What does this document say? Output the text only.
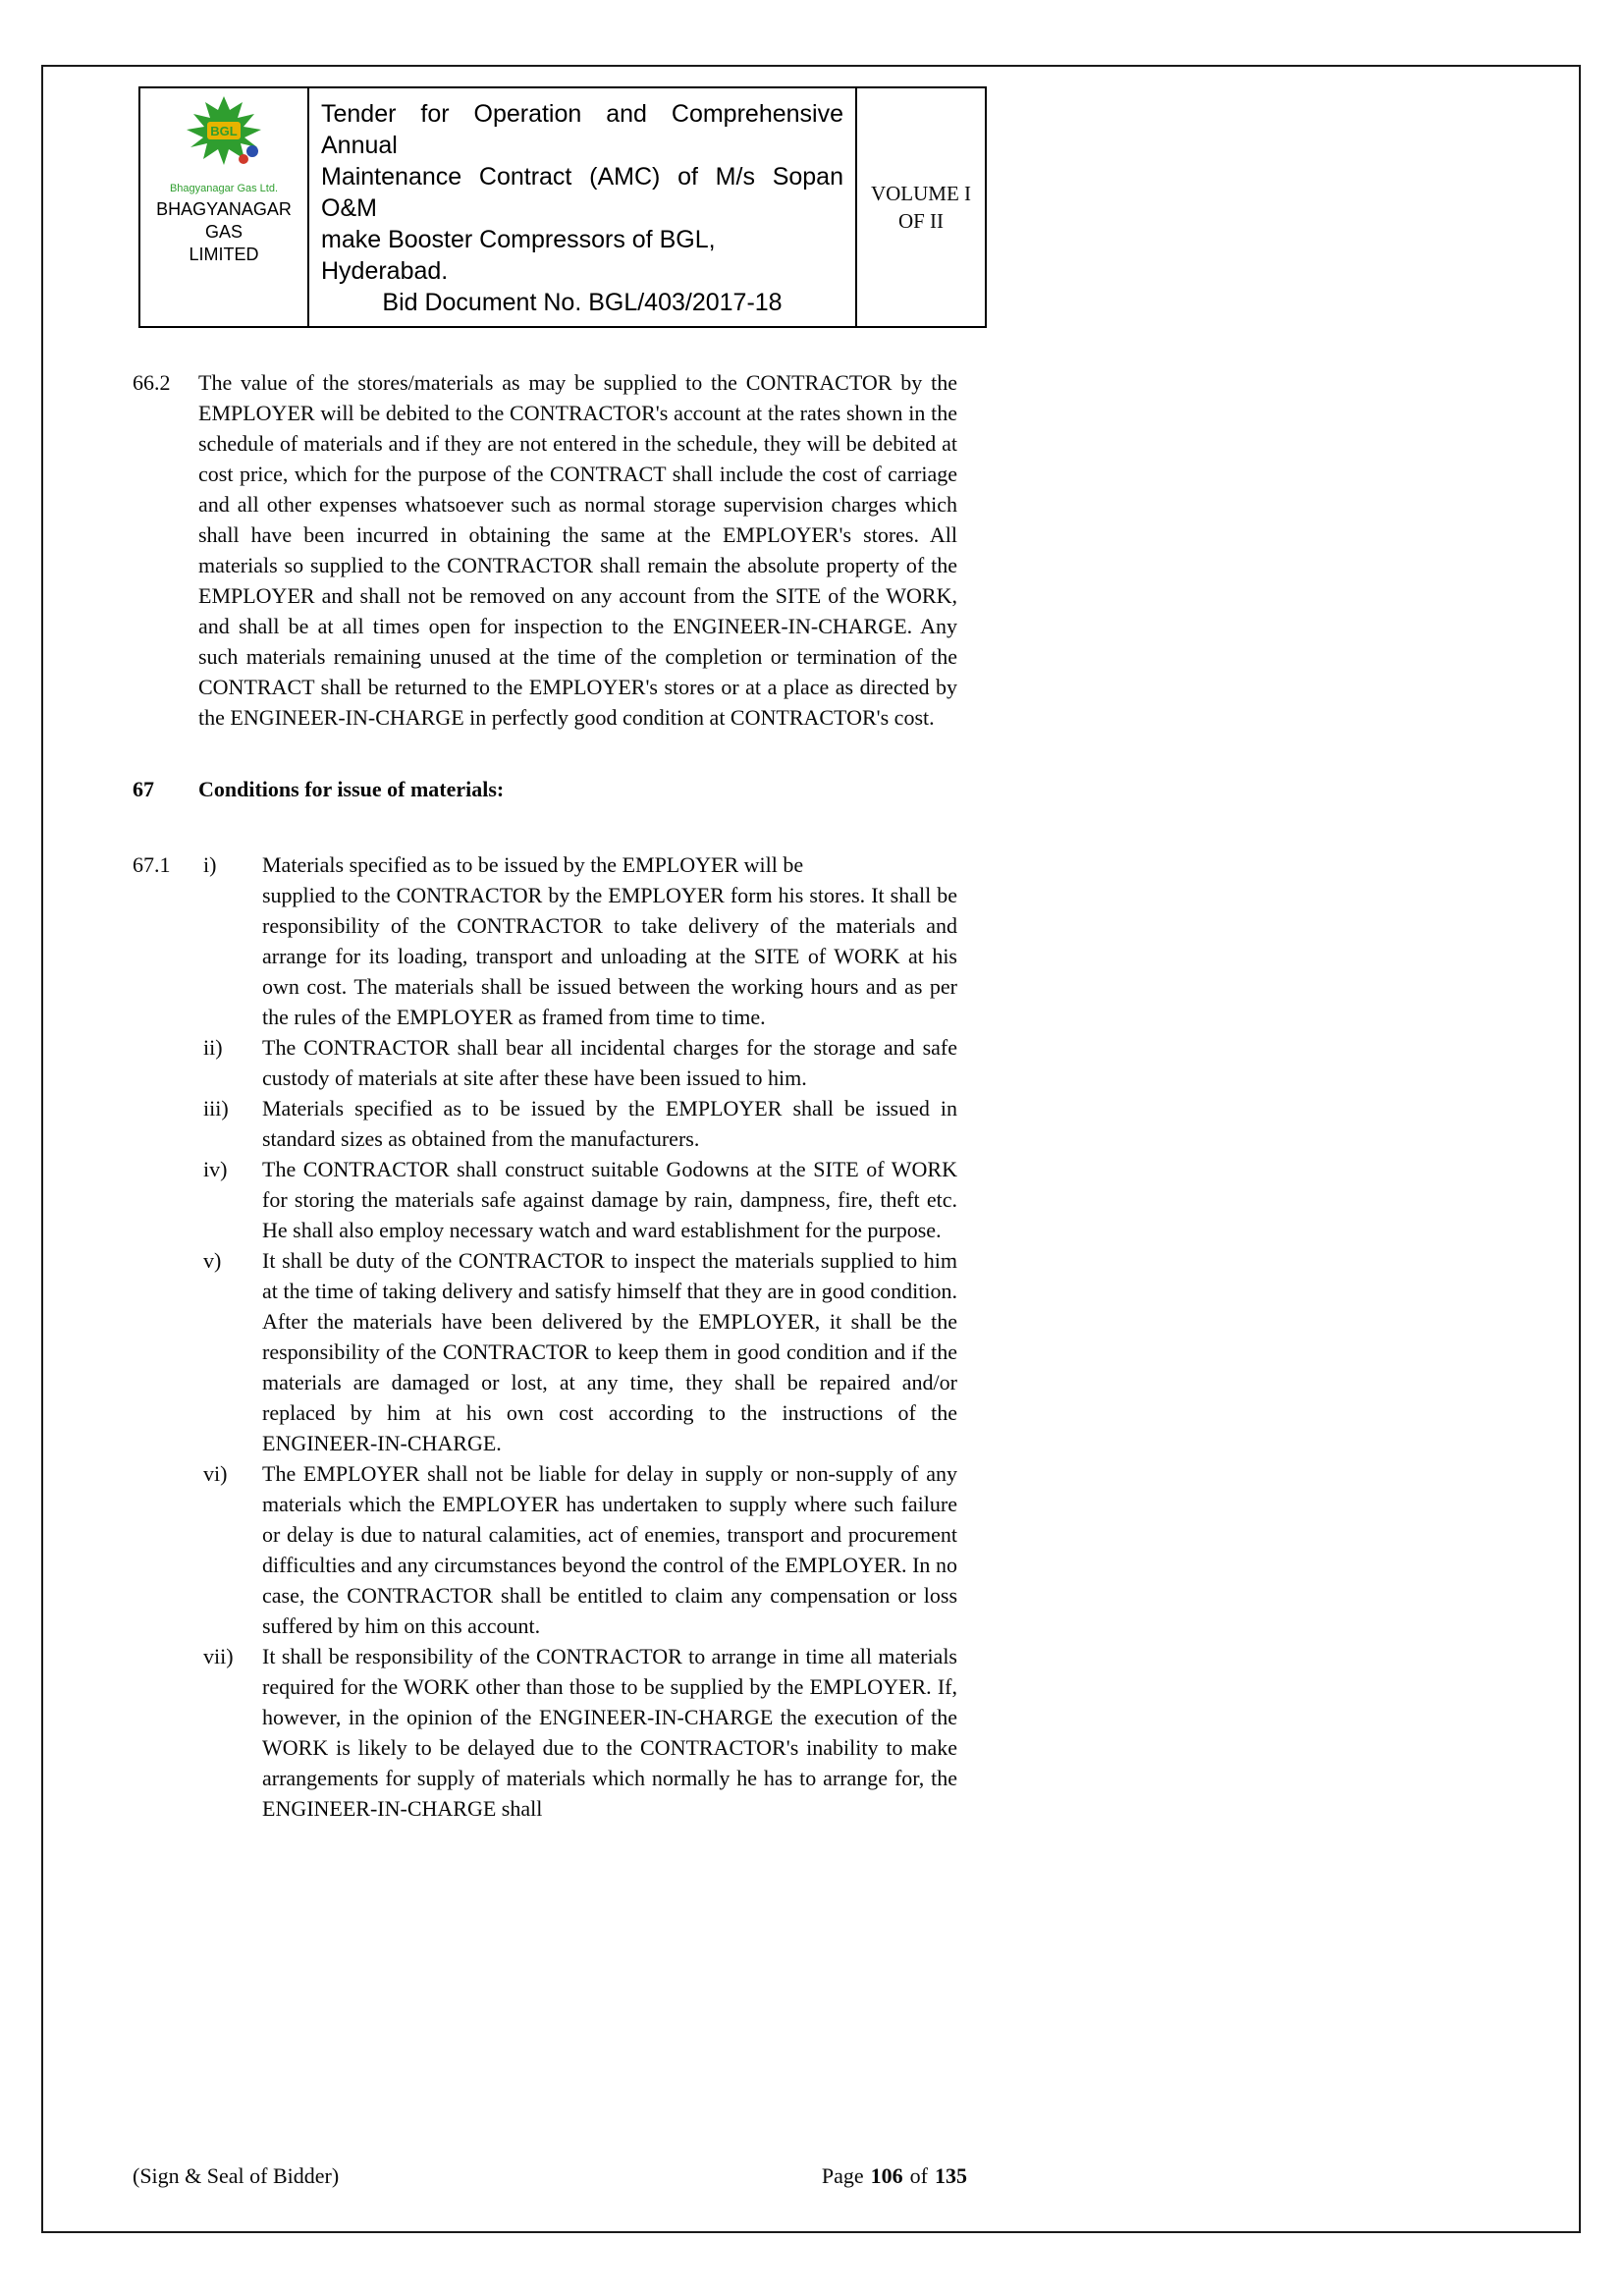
BGL
Bhagyanagar Gas Ltd.
BHAGYANAGAR GAS
LIMITED
Tender for Operation and Comprehensive Annual
Maintenance Contract (AMC) of M/s Sopan O&M
make Booster Compressors of BGL, Hyderabad.
Bid Document No. BGL/403/2017-18
VOLUME I
OF II
66.2	The value of the stores/materials as may be supplied to the CONTRACTOR by the EMPLOYER will be debited to the CONTRACTOR's account at the rates shown in the schedule of materials and if they are not entered in the schedule, they will be debited at cost price, which for the purpose of the CONTRACT shall include the cost of carriage and all other expenses whatsoever such as normal storage supervision charges which shall have been incurred in obtaining the same at the EMPLOYER's stores. All materials so supplied to the CONTRACTOR shall remain the absolute property of the EMPLOYER and shall not be removed on any account from the SITE of the WORK, and shall be at all times open for inspection to the ENGINEER-IN-CHARGE. Any such materials remaining unused at the time of the completion or termination of the CONTRACT shall be returned to the EMPLOYER's stores or at a place as directed by the ENGINEER-IN-CHARGE in perfectly good condition at CONTRACTOR's cost.
67	Conditions for issue of materials:
67.1	i)	Materials specified as to be issued by the EMPLOYER will be
supplied to the CONTRACTOR by the EMPLOYER form his stores. It shall be responsibility of the CONTRACTOR to take delivery of the materials and arrange for its loading, transport and unloading at the SITE of WORK at his own cost. The materials shall be issued between the working hours and as per the rules of the EMPLOYER as framed from time to time.
ii)	The CONTRACTOR shall bear all incidental charges for the storage and safe custody of materials at site after these have been issued to him.
iii)	Materials specified as to be issued by the EMPLOYER shall be issued in standard sizes as obtained from the manufacturers.
iv)	The CONTRACTOR shall construct suitable Godowns at the SITE of WORK for storing the materials safe against damage by rain, dampness, fire, theft etc. He shall also employ necessary watch and ward establishment for the purpose.
v)	It shall be duty of the CONTRACTOR to inspect the materials supplied to him at the time of taking delivery and satisfy himself that they are in good condition. After the materials have been delivered by the EMPLOYER, it shall be the responsibility of the CONTRACTOR to keep them in good condition and if the materials are damaged or lost, at any time, they shall be repaired and/or replaced by him at his own cost according to the instructions of the ENGINEER-IN-CHARGE.
vi)	The EMPLOYER shall not be liable for delay in supply or non-supply of any materials which the EMPLOYER has undertaken to supply where such failure or delay is due to natural calamities, act of enemies, transport and procurement difficulties and any circumstances beyond the control of the EMPLOYER. In no case, the CONTRACTOR shall be entitled to claim any compensation or loss suffered by him on this account.
vii)	It shall be responsibility of the CONTRACTOR to arrange in time all materials required for the WORK other than those to be supplied by the EMPLOYER. If, however, in the opinion of the ENGINEER-IN-CHARGE the execution of the WORK is likely to be delayed due to the CONTRACTOR's inability to make arrangements for supply of materials which normally he has to arrange for, the ENGINEER-IN-CHARGE shall
(Sign & Seal of Bidder)	Page 106 of 135
